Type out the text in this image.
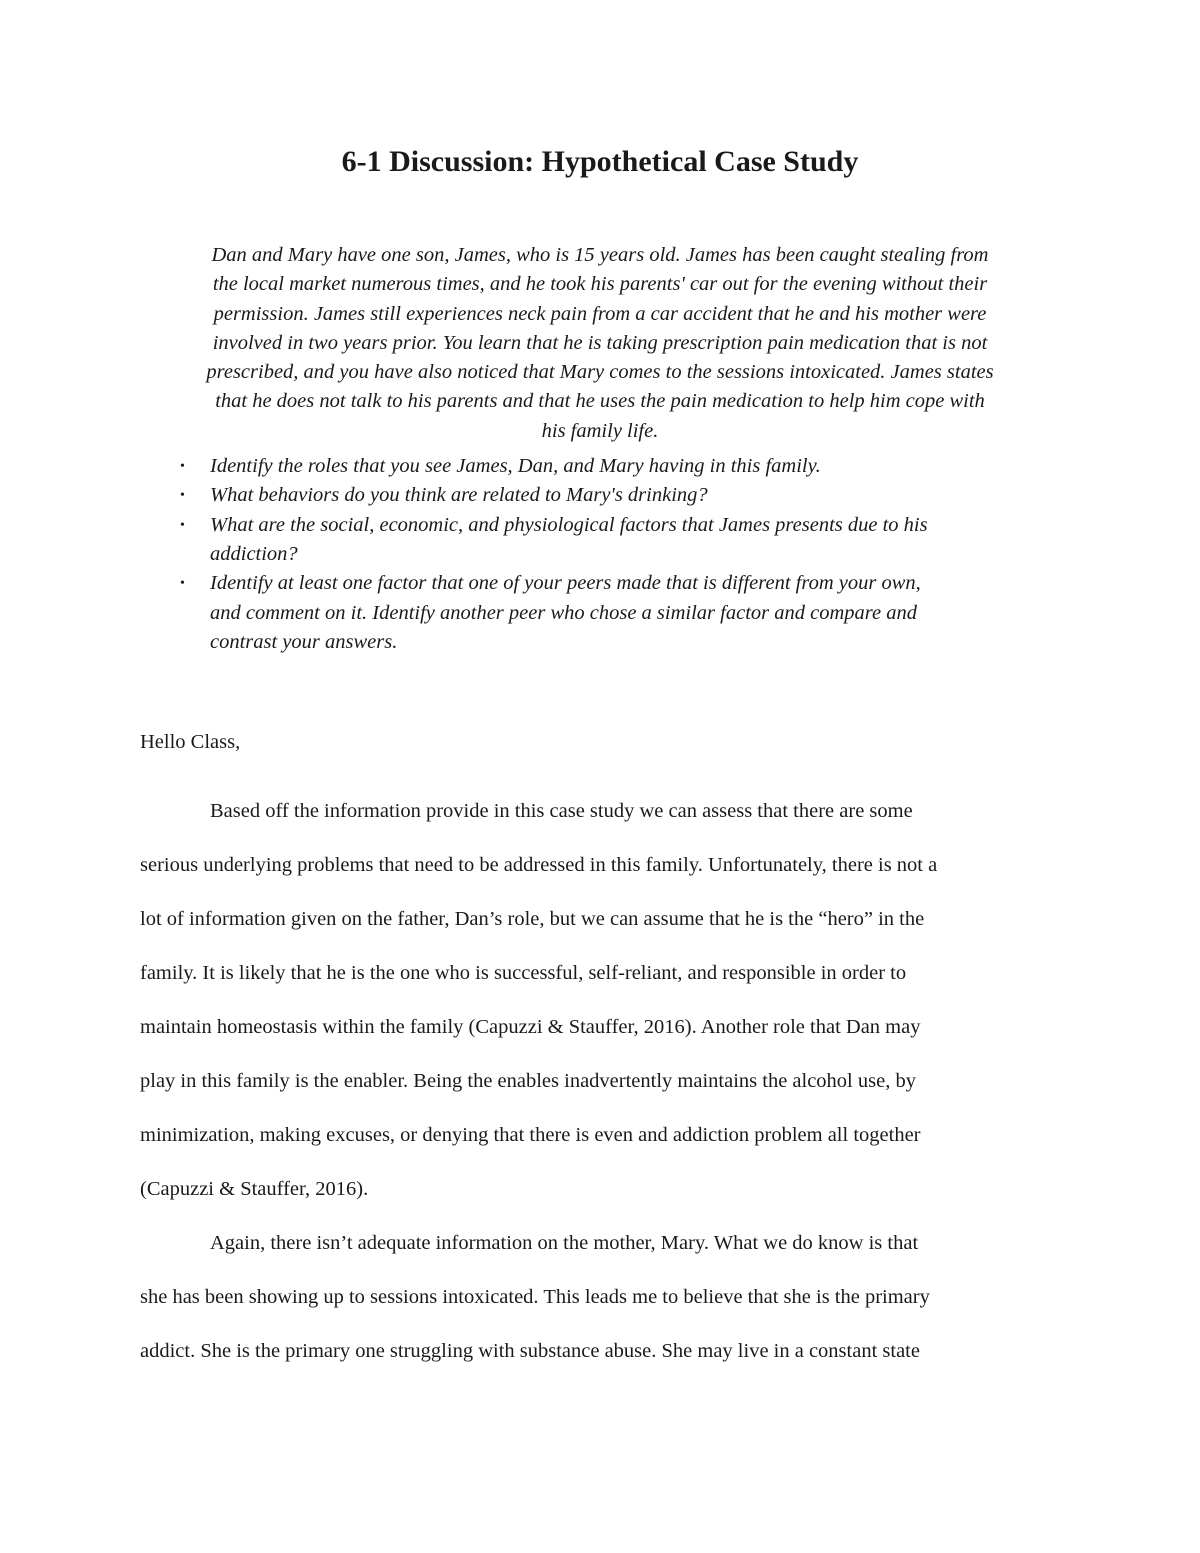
6-1 Discussion: Hypothetical Case Study

Dan and Mary have one son, James, who is 15 years old. James has been caught stealing from
the local market numerous times, and he took his parents' car out for the evening without their
permission. James still experiences neck pain from a car accident that he and his mother were
involved in two years prior. You learn that he is taking prescription pain medication that is not
prescribed, and you have also noticed that Mary comes to the sessions intoxicated. James states
that he does not talk to his parents and that he uses the pain medication to help him cope with
his family life.

• Identify the roles that you see James, Dan, and Mary having in this family.
• What behaviors do you think are related to Mary's drinking?
• What are the social, economic, and physiological factors that James presents due to his
addiction?
• Identify at least one factor that one of your peers made that is different from your own,
and comment on it. Identify another peer who chose a similar factor and compare and
contrast your answers.

Hello Class,

Based off the information provide in this case study we can assess that there are some
serious underlying problems that need to be addressed in this family. Unfortunately, there is not a
lot of information given on the father, Dan’s role, but we can assume that he is the “hero” in the
family. It is likely that he is the one who is successful, self-reliant, and responsible in order to
maintain homeostasis within the family (Capuzzi & Stauffer, 2016). Another role that Dan may
play in this family is the enabler. Being the enables inadvertently maintains the alcohol use, by
minimization, making excuses, or denying that there is even and addiction problem all together
(Capuzzi & Stauffer, 2016).

Again, there isn’t adequate information on the mother, Mary. What we do know is that
she has been showing up to sessions intoxicated. This leads me to believe that she is the primary
addict. She is the primary one struggling with substance abuse. She may live in a constant state
